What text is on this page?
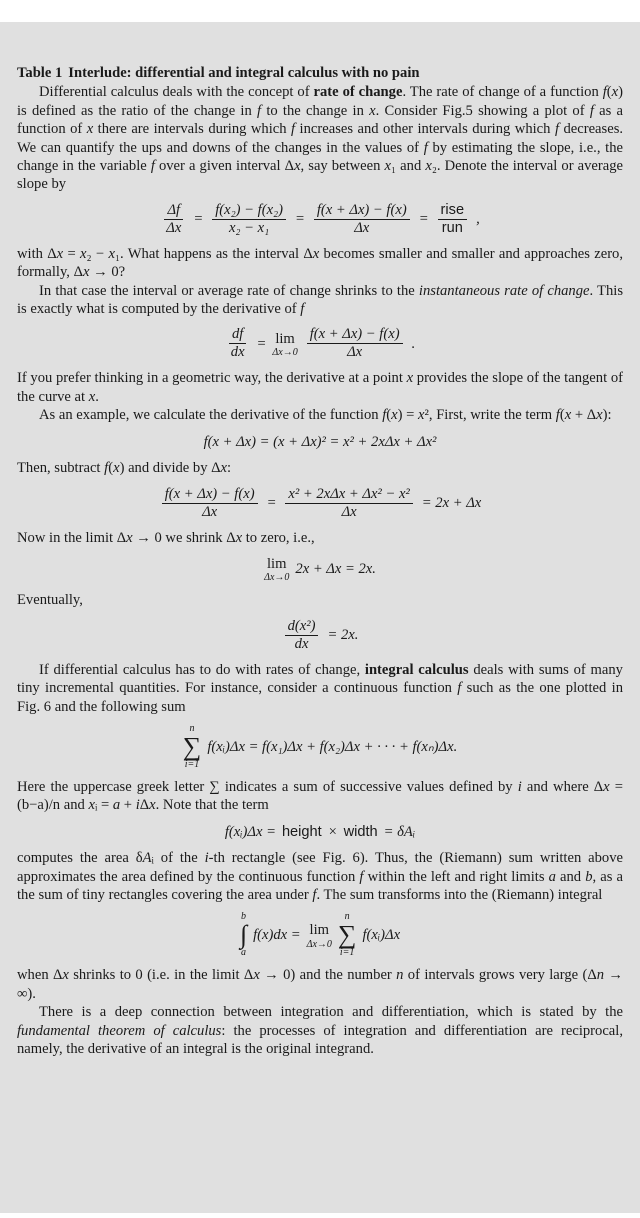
Table 1 Interlude: differential and integral calculus with no pain

Differential calculus deals with the concept of rate of change. The rate of change of a function f(x) is defined as the ratio of the change in f to the change in x. Consider Fig.5 showing a plot of f as a function of x there are intervals during which f increases and other intervals during which f decreases. We can quantify the ups and downs of the changes in the values of f by estimating the slope, i.e., the change in the variable f over a given interval Δx, say between x₁ and x₂. Denote the interval or average slope by

$\frac{\Delta f}{\Delta x} = \frac{\text{f(x₂) − f(x₂)}}{\text{x₂ − x₁}} = \frac{f(x + \Delta x) - f(x)}{\Delta x} = \frac{\text{rise}}{\text{run}}$ ,

with Δx = x₂ − x₁. What happens as the interval Δx becomes smaller and smaller and approaches zero, formally, Δx → 0?

In that case the interval or average rate of change shrinks to the instantaneous rate of change. This is exactly what is computed by the derivative of f

$\frac{df}{dx} = \lim$
$\Delta x\to 0 \frac{f(x + \Delta x) - f(x)}{\Delta x}$ .

If you prefer thinking in a geometric way, the derivative at a point x provides the slope of the tangent of the curve at x.

As an example, we calculate the derivative of the function f(x) = x², First, write the term f(x + Δx):

f(x + Δx) = (x + Δx)² = x² + 2xΔx + Δx²

Then, subtract f(x) and divide by Δx:

$\frac{f(x + \Delta x) - f(x)}{\Delta x} = \frac{\text{x² + 2xΔx + Δx² − x²}}{\Delta x} = 2x + \Delta x$

Now in the limit Δx → 0 we shrink Δx to zero, i.e.,

lim
Δx→0
2x + Δx = 2x.

Eventually,

$\frac{\text{d(x²)}}{dx} = 2x$.

If differential calculus has to do with rates of change, integral calculus deals with sums of many tiny incremental quantities. For instance, consider a continuous function f such as the one plotted in Fig. 6 and the following sum

n
∑
i=1
f(xᵢ)Δx = f(x₁)Δx + f(x₂)Δx + · · · + f(xₙ)Δx.

Here the uppercase greek letter ∑ indicates a sum of successive values defined by i and where Δx = (b−a)/n and xᵢ = a + iΔx. Note that the term

f(xᵢ)Δx = height × width = δAᵢ

computes the area δAᵢ of the i-th rectangle (see Fig. 6). Thus, the (Riemann) sum written above approximates the area defined by the continuous function f within the left and right limits a and b, as a the sum of tiny rectangles covering the area under f. The sum transforms into the (Riemann) integral

b
∫
a
f(x)dx = lim
Δx→0
n
∑
i=1
f(xᵢ)Δx

when Δx shrinks to 0 (i.e. in the limit Δx → 0) and the number n of intervals grows very large (Δn → ∞).

There is a deep connection between integration and differentiation, which is stated by the fundamental theorem of calculus: the processes of integration and differentiation are reciprocal, namely, the derivative of an integral is the original integrand.
